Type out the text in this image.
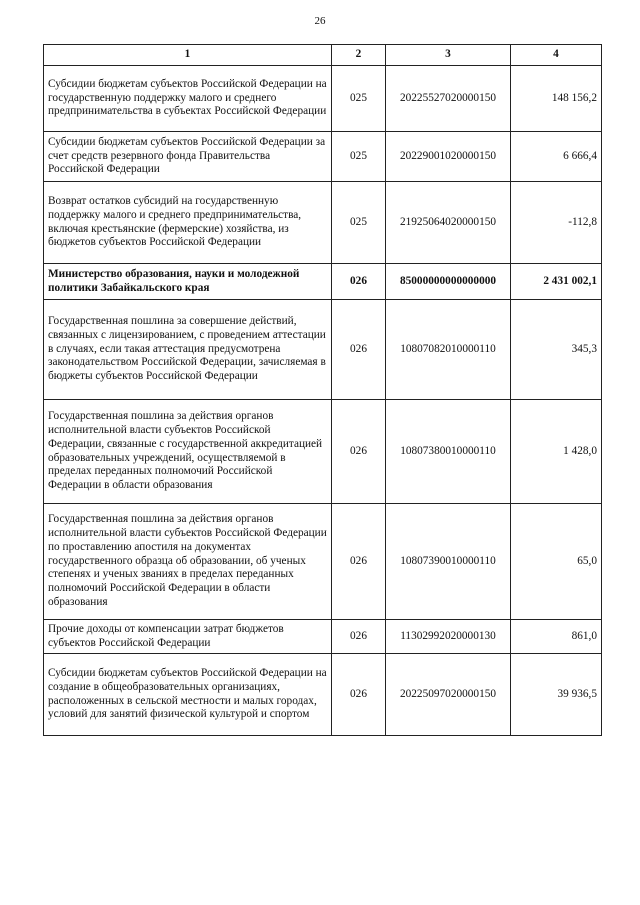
26
1	2	3	4
Субсидии бюджетам субъектов Российской Федерации на государственную поддержку малого и среднего предпринимательства в субъектах Российской Федерации	025	20225527020000150	148 156,2
Субсидии бюджетам субъектов Российской Федерации за счет средств резервного фонда Правительства Российской Федерации	025	20229001020000150	6 666,4
Возврат остатков субсидий на государственную поддержку малого и среднего предпринимательства, включая крестьянские (фермерские) хозяйства, из бюджетов субъектов Российской Федерации	025	21925064020000150	-112,8
Министерство образования, науки и молодежной политики Забайкальского края	026	85000000000000000	2 431 002,1
Государственная пошлина за совершение действий, связанных с лицензированием, с проведением аттестации в случаях, если такая аттестация предусмотрена законодательством Российской Федерации, зачисляемая в бюджеты субъектов Российской Федерации	026	10807082010000110	345,3
Государственная пошлина за действия органов исполнительной власти субъектов Российской Федерации, связанные с государственной аккредитацией образовательных учреждений, осуществляемой в пределах переданных полномочий Российской Федерации в области образования	026	10807380010000110	1 428,0
Государственная пошлина за действия органов исполнительной власти субъектов Российской Федерации по проставлению апостиля на документах государственного образца об образовании, об ученых степенях и ученых званиях в пределах переданных полномочий Российской Федерации в области образования	026	10807390010000110	65,0
Прочие доходы от компенсации затрат бюджетов субъектов Российской Федерации	026	11302992020000130	861,0
Субсидии бюджетам субъектов Российской Федерации на создание в общеобразовательных организациях, расположенных в сельской местности и малых городах, условий для занятий физической культурой и спортом	026	20225097020000150	39 936,5
